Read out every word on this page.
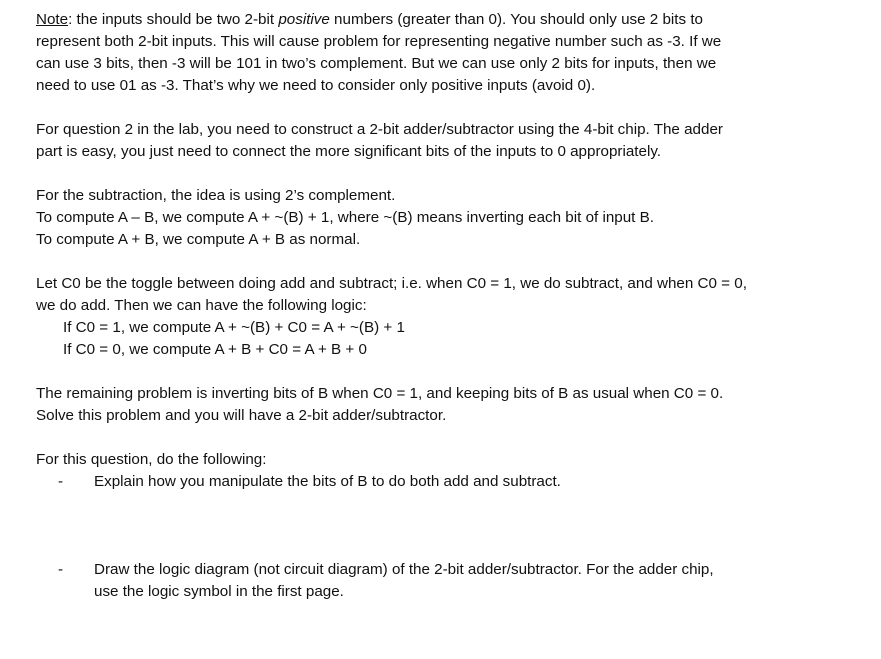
Note: the inputs should be two 2-bit positive numbers (greater than 0). You should only use 2 bits to
represent both 2-bit inputs. This will cause problem for representing negative number such as -3. If we
can use 3 bits, then -3 will be 101 in two’s complement. But we can use only 2 bits for inputs, then we
need to use 01 as -3. That’s why we need to consider only positive inputs (avoid 0).
For question 2 in the lab, you need to construct a 2-bit adder/subtractor using the 4-bit chip. The adder
part is easy, you just need to connect the more significant bits of the inputs to 0 appropriately.
For the subtraction, the idea is using 2’s complement.
To compute A – B, we compute A + ~(B) + 1, where ~(B) means inverting each bit of input B.
To compute A + B, we compute A + B as normal.
Let C0 be the toggle between doing add and subtract; i.e. when C0 = 1, we do subtract, and when C0 = 0,
we do add. Then we can have the following logic:
If C0 = 1, we compute A + ~(B) + C0 = A + ~(B) + 1
If C0 = 0, we compute A + B + C0 = A + B + 0
The remaining problem is inverting bits of B when C0 = 1, and keeping bits of B as usual when C0 = 0.
Solve this problem and you will have a 2-bit adder/subtractor.
For this question, do the following:
- Explain how you manipulate the bits of B to do both add and subtract.
- Draw the logic diagram (not circuit diagram) of the 2-bit adder/subtractor. For the adder chip,
use the logic symbol in the first page.
